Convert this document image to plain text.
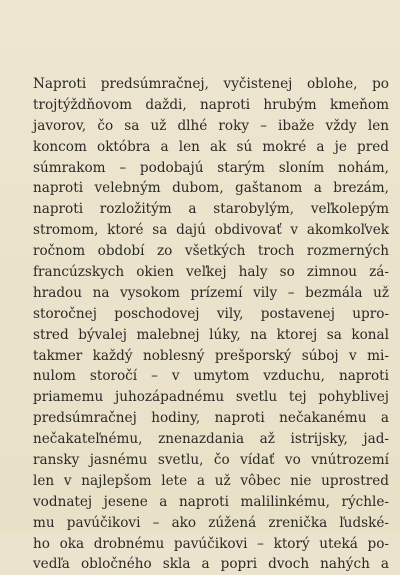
Naproti predsúmračnej, vyčistenej oblohe, po
trojtýždňovom daždi, naproti hrubým kmeňom
javorov, čo sa už dlhé roky – ibaže vždy len
koncom októbra a len ak sú mokré a je pred
súmrakom – podobajú starým sloním nohám,
naproti velebným dubom, gaštanom a brezám,
naproti rozložitým a starobylým, veľkolepým
stromom, ktoré sa dajú obdivovať v akomkoľvek
ročnom období zo všetkých troch rozmerných
francúzskych okien veľkej haly so zimnou zá-
hradou na vysokom prízemí vily – bezmála už
storočnej poschodovej vily, postavenej upro-
stred bývalej malebnej lúky, na ktorej sa konal
takmer každý noblesný prešporský súboj v mi-
nulom storočí – v umytom vzduchu, naproti
priamemu juhozápadnému svetlu tej pohyblivej
predsúmračnej hodiny, naproti nečakanému a
nečakateľnému, znenazdania až istrijsky, jad-
ransky jasnému svetlu, čo vídať vo vnútrozemí
len v najlepšom lete a už vôbec nie uprostred
vodnatej jesene a naproti malilinkému, rýchle-
mu pavúčikovi – ako zúžená zrenička ľudské-
ho oka drobnému pavúčikovi – ktorý uteká po-
vedľa obločného skla a popri dvoch nahých a
